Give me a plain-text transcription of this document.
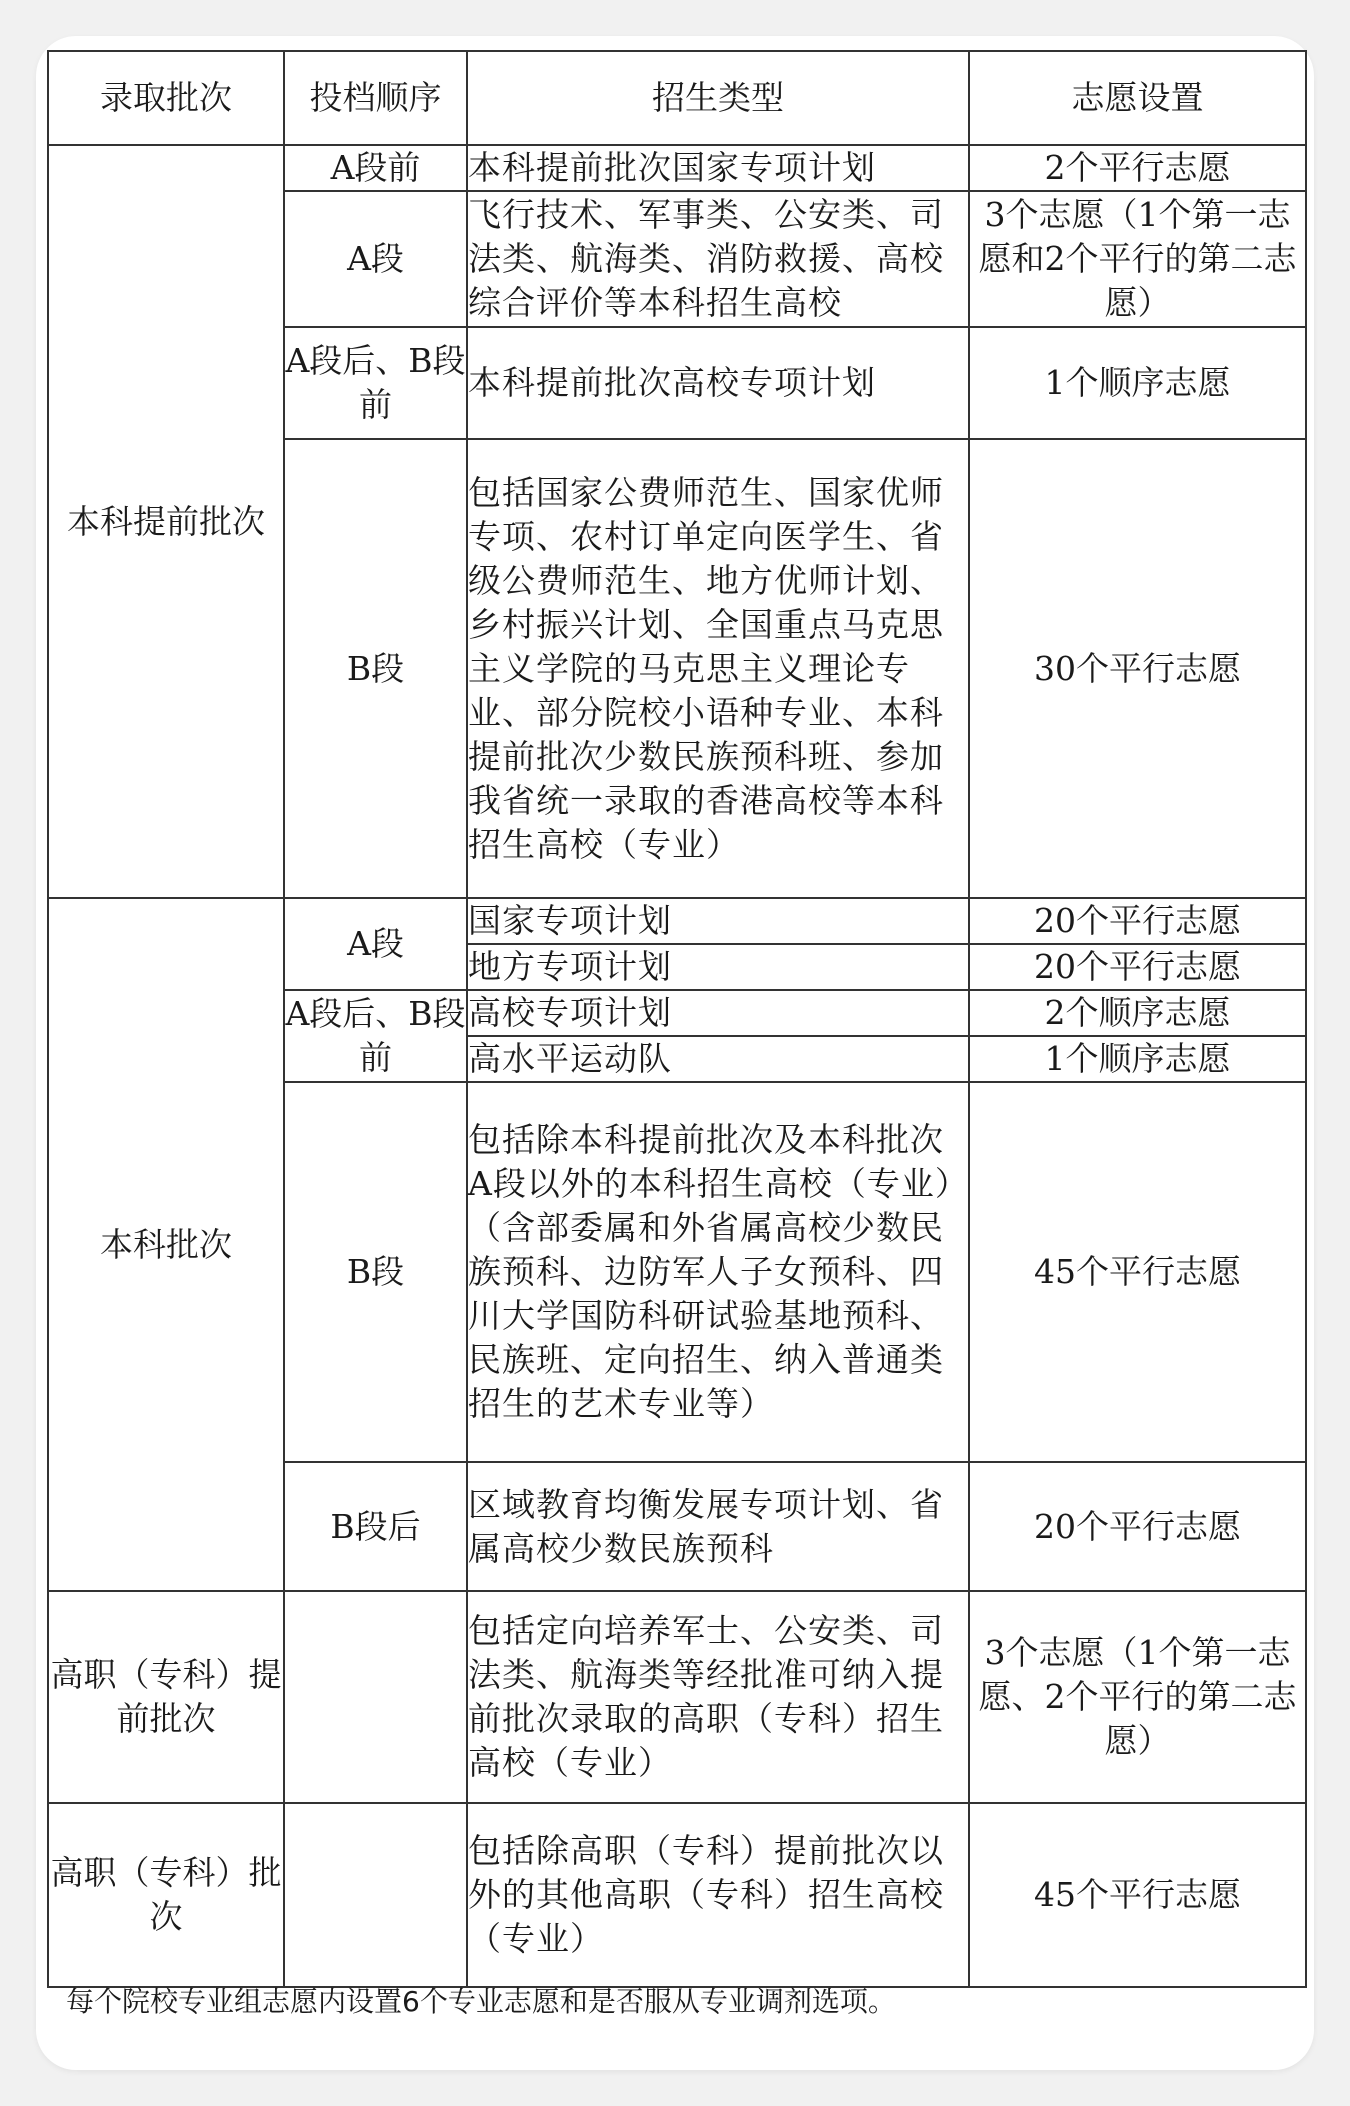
录取批次	投档顺序	招生类型	志愿设置
本科提前批次	A段前	本科提前批次国家专项计划	2个平行志愿
	A段	飞行技术、军事类、公安类、司法类、航海类、消防救援、高校综合评价等本科招生高校	3个志愿（1个第一志愿和2个平行的第二志愿）
	A段后、B段前	本科提前批次高校专项计划	1个顺序志愿
	B段	包括国家公费师范生、国家优师专项、农村订单定向医学生、省级公费师范生、地方优师计划、乡村振兴计划、全国重点马克思主义学院的马克思主义理论专业、部分院校小语种专业、本科提前批次少数民族预科班、参加我省统一录取的香港高校等本科招生高校（专业）	30个平行志愿
本科批次	A段	国家专项计划	20个平行志愿
		地方专项计划	20个平行志愿
	A段后、B段前	高校专项计划	2个顺序志愿
		高水平运动队	1个顺序志愿
	B段	包括除本科提前批次及本科批次A段以外的本科招生高校（专业）（含部委属和外省属高校少数民族预科、边防军人子女预科、四川大学国防科研试验基地预科、民族班、定向招生、纳入普通类招生的艺术专业等）	45个平行志愿
	B段后	区域教育均衡发展专项计划、省属高校少数民族预科	20个平行志愿
高职（专科）提前批次		包括定向培养军士、公安类、司法类、航海类等经批准可纳入提前批次录取的高职（专科）招生高校（专业）	3个志愿（1个第一志愿、2个平行的第二志愿）
高职（专科）批次		包括除高职（专科）提前批次以外的其他高职（专科）招生高校（专业）	45个平行志愿
每个院校专业组志愿内设置6个专业志愿和是否服从专业调剂选项。
